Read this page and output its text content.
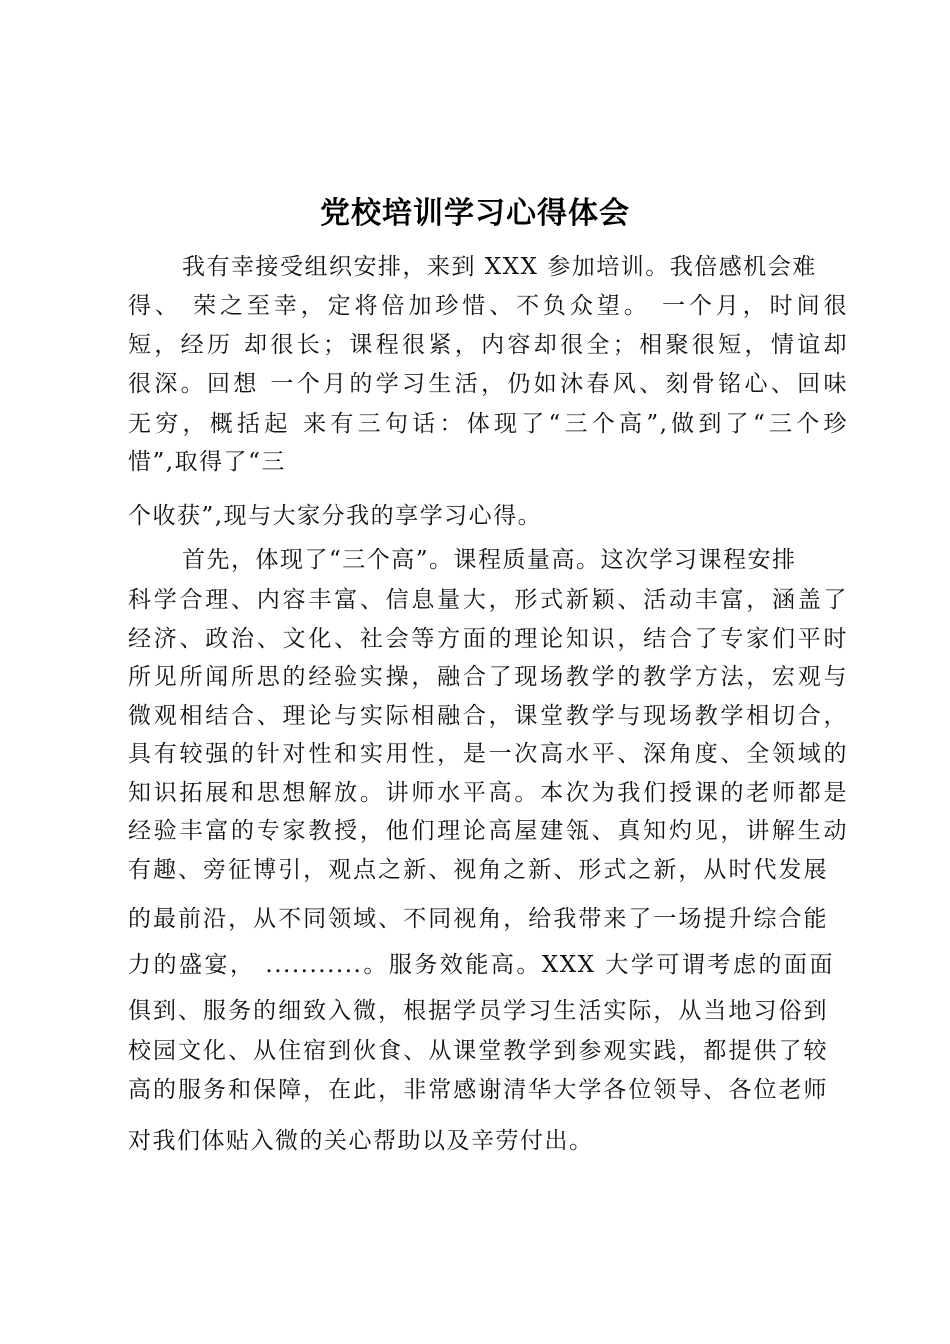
党校培训学习心得体会
我有幸接受组织安排，来到 XXX 参加培训。我倍感机会难
得、 荣之至幸，定将倍加珍惜、不负众望。 一个月，时间很
短，经历 却很长；课程很紧，内容却很全；相聚很短，情谊却
很深。回想 一个月的学习生活，仍如沐春风、刻骨铭心、回味
无穷，概括起 来有三句话：体现了“三个高”,做到了“三个珍
惜”,取得了“三
个收获”,现与大家分我的享学习心得。
首先，体现了“三个高”。课程质量高。这次学习课程安排
科学合理、内容丰富、信息量大，形式新颖、活动丰富，涵盖了
经济、政治、文化、社会等方面的理论知识，结合了专家们平时
所见所闻所思的经验实操，融合了现场教学的教学方法，宏观与
微观相结合、理论与实际相融合，课堂教学与现场教学相切合，
具有较强的针对性和实用性，是一次高水平、深角度、全领域的
知识拓展和思想解放。讲师水平高。本次为我们授课的老师都是
经验丰富的专家教授，他们理论高屋建瓴、真知灼见，讲解生动
有趣、旁征博引，观点之新、视角之新、形式之新，从时代发展
的最前沿，从不同领域、不同视角，给我带来了一场提升综合能
力的盛宴， ...........。服务效能高。XXX 大学可谓考虑的面面
俱到、服务的细致入微，根据学员学习生活实际，从当地习俗到
校园文化、从住宿到伙食、从课堂教学到参观实践，都提供了较
高的服务和保障，在此，非常感谢清华大学各位领导、各位老师
对我们体贴入微的关心帮助以及辛劳付出。
